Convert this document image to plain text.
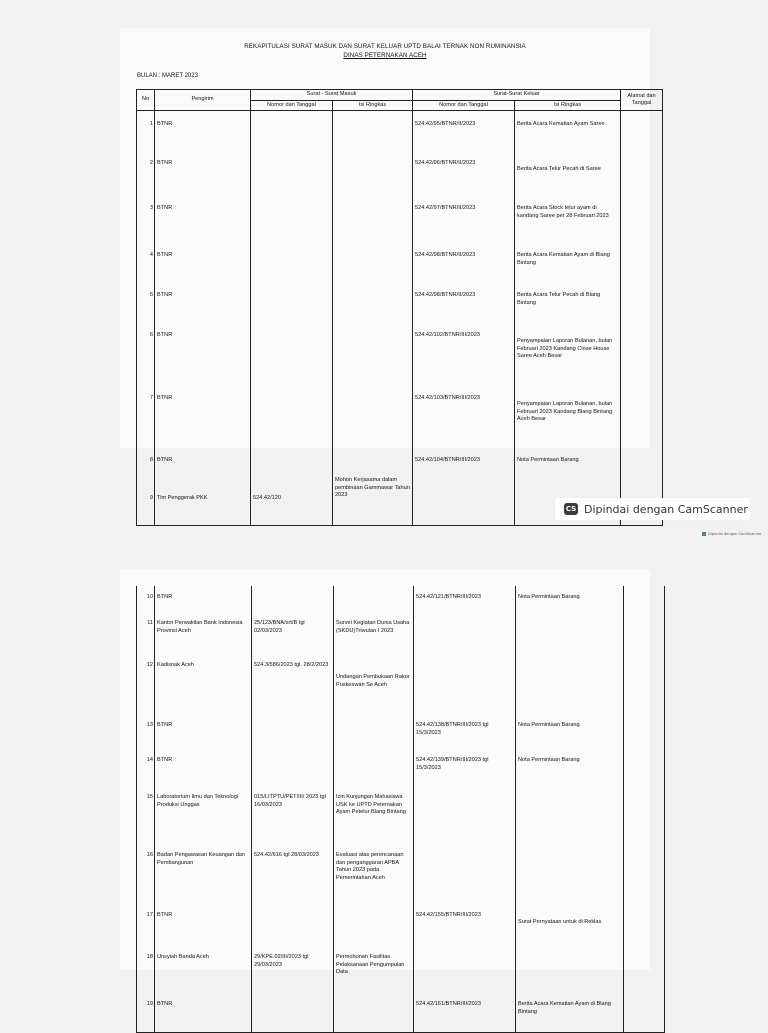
REKAPITULASI SURAT MASUK DAN SURAT KELUAR UPTD BALAI TERNAK NON RUMINANSIA
DINAS PETERNAKAN ACEH
BULAN : MARET 2023
No	Pengirim	Surat - Surat Masuk		Surat-Surat Keluar		Alamat dan Tanggal
		Nomor dan Tanggal	Isi Ringkas	Nomor dan Tanggal	Isi Ringkas	
1	BTNR			524.42/95/BTNR/II/2023	Berita Acara Kematian Ayam Saree	
2	BTNR			524.42/96/BTNR/II/2023	Berita Acara Telur Pecah di Saree	
3	BTNR			524.42/97/BTNR/II/2023	Berita Acara Stock telur ayam di kandang Saree per 28 Februari 2023	
4	BTNR			524.42/98/BTNR/II/2023	Berita Acara Kematian Ayam di Blang Bintang	
5	BTNR			524.42/98/BTNR/II/2023	Berita Acara Telur Pecah di Blang Bintang	
6	BTNR			524.42/102/BTNR/III/2023	Penyampaian Laporan Bulanan, bulan Februari 2023 Kandang Close House Saree Aceh Besar	
7	BTNR			524.42/103/BTNR/III/2023	Penyampaian Laporan Bulanan, bulan Februari 2023 Kandang Blang Bintang Aceh Besar	
8	BTNR			524.42/104/BTNR/III/2023	Nota Permintaan Barang	
9	Tim Penggerak PKK	524.42/120	Mohon Kerjasama dalam pembinaan Gammawar Tahun 2023			
CS Dipindai dengan CamScanner
Dipindai dengan CamScanner
10	BTNR			524.42/121/BTNR/III/2023	Nota Permintaan Barang	
11	Kantor Perwakilan Bank Indonesia Provinsi Aceh	25/123/BNA/srt/B tgl 02/03/2023	Survei Kegiatan Dunia Usaha (SKDU)Triwulan I 2023			
12	Kadisnak Aceh	524.3/586/2023 tgl. 28/2/2023	Undangan Pembukaan Rakor Puskeswan Se Aceh			
13	BTNR			524.42/138/BTNR/III/2023 tgl 15/3/2023	Nota Permintaan Barang	
14	BTNR			524.42/139/BTNR/III/2023 tgl 15/3/2023	Nota Permintaan Barang	
15	Laboratorium Ilmu dan Teknologi Produksi Unggas	015/LITPTU/PET/III/ 2023 tgl 16/03/2023	Izin Kunjungan Mahasiswa USK ke UPTD Peternakan Ayam Petelur Blang Bintang			
16	Badan Pengawasan Keuangan dan Pembangunan	524.42/616 tgl 28/03/2023	Evaluasi atas perencanaan dan penganggaran APBA Tahun 2023 pada Pemerintahan Aceh			
17	BTNR			524.42/155/BTNR/III/2023	Surat Pernyataan untuk di Reklas	
18	Unsyiah Banda Aceh	29/KPE.02/III/2023 tgl 29/03/2023	Permohonan Fasilitas Pelaksanaan Pengumpulan Data			
19	BTNR			524.42/161/BTNR/III/2023	Berita Acara Kematian Ayam di Blang Bintang	
